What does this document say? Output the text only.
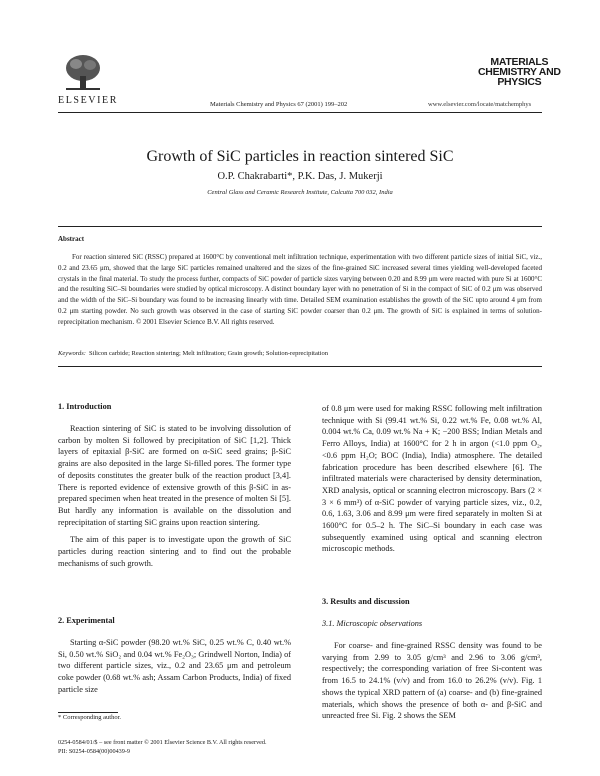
ELSEVIER	Materials Chemistry and Physics 67 (2001) 199–202
MATERIALS
CHEMISTRY AND
PHYSICS
www.elsevier.com/locate/matchemphys
Growth of SiC particles in reaction sintered SiC
O.P. Chakrabarti*, P.K. Das, J. Mukerji
Central Glass and Ceramic Research Institute, Calcutta 700 032, India
Abstract
For reaction sintered SiC (RSSC) prepared at 1600°C by conventional melt infiltration technique, experimentation with two different particle sizes of initial SiC, viz., 0.2 and 23.65 μm, showed that the large SiC particles remained unaltered and the sizes of the fine-grained SiC increased several times yielding well-developed faceted crystals in the final material. To study the process further, compacts of SiC powder of particle sizes varying between 0.20 and 8.99 μm were reacted with pure Si at 1600°C and the resulting SiC–Si boundaries were studied by optical microscopy. A distinct boundary layer with no penetration of Si in the compact of SiC of 0.2 μm was observed and the width of the SiC–Si boundary was found to be increasing linearly with time. Detailed SEM examination establishes the growth of the SiC upto around 4 μm from 0.2 μm starting powder. No such growth was observed in the case of starting SiC powder coarser than 0.2 μm. The growth of SiC is explained in terms of solution-reprecipitation mechanism. © 2001 Elsevier Science B.V. All rights reserved.
Keywords: Silicon carbide; Reaction sintering; Melt infiltration; Grain growth; Solution-reprecipitation
1. Introduction

Reaction sintering of SiC is stated to be involving dissolution of carbon by molten Si followed by precipitation of SiC [1,2]. Thick layers of epitaxial β-SiC are formed on α-SiC seed grains; β-SiC grains are also deposited in the large Si-filled pores. The former type of deposits constitutes the greater bulk of the reaction product [3,4]. There is reported evidence of extensive growth of this β-SiC in as-prepared specimen when heat treated in the presence of molten Si [5]. But hardly any information is available on the dissolution and reprecipitation of starting SiC grains upon reaction sintering.

The aim of this paper is to investigate upon the growth of SiC particles during reaction sintering and to find out the probable mechanisms of such growth.

2. Experimental

Starting α-SiC powder (98.20 wt.% SiC, 0.25 wt.% C, 0.40 wt.% Si, 0.50 wt.% SiO₂ and 0.04 wt.% Fe₂O₃; Grindwell Norton, India) of two different particle sizes, viz., 0.2 and 23.65 μm and petroleum coke powder (0.68 wt.% ash; Assam Carbon Products, India) of fixed particle size

of 0.8 μm were used for making RSSC following melt infiltration technique with Si (99.41 wt.% Si, 0.22 wt.% Fe, 0.08 wt.% Al, 0.004 wt.% Ca, 0.09 wt.% Na + K; −200 BSS; Indian Metals and Ferro Alloys, India) at 1600°C for 2 h in argon (<1.0 ppm O₂, <0.6 ppm H₂O; BOC (India), India) atmosphere. The detailed fabrication procedure has been described elsewhere [6]. The infiltrated materials were characterised by density determination, XRD analysis, optical or scanning electron microscopy. Bars (2 × 3 × 6 mm³) of α-SiC powder of varying particle sizes, viz., 0.2, 0.6, 1.63, 3.06 and 8.99 μm were fired separately in molten Si at 1600°C for 0.5–2 h. The SiC–Si boundary in each case was subsequently examined using optical and scanning electron microscopic methods.

3. Results and discussion
3.1. Microscopic observations

For coarse- and fine-grained RSSC density was found to be varying from 2.99 to 3.05 g/cm³ and 2.96 to 3.06 g/cm³, respectively; the corresponding variation of free Si-content was from 16.5 to 24.1% (v/v) and from 16.0 to 26.2% (v/v). Fig. 1 shows the typical XRD pattern of (a) coarse- and (b) fine-grained materials, which shows the presence of both α- and β-SiC and unreacted free Si. Fig. 2 shows the SEM

* Corresponding author.
0254-0584/01/$ – see front matter © 2001 Elsevier Science B.V. All rights reserved.
PII: S0254-0584(00)00439-9
